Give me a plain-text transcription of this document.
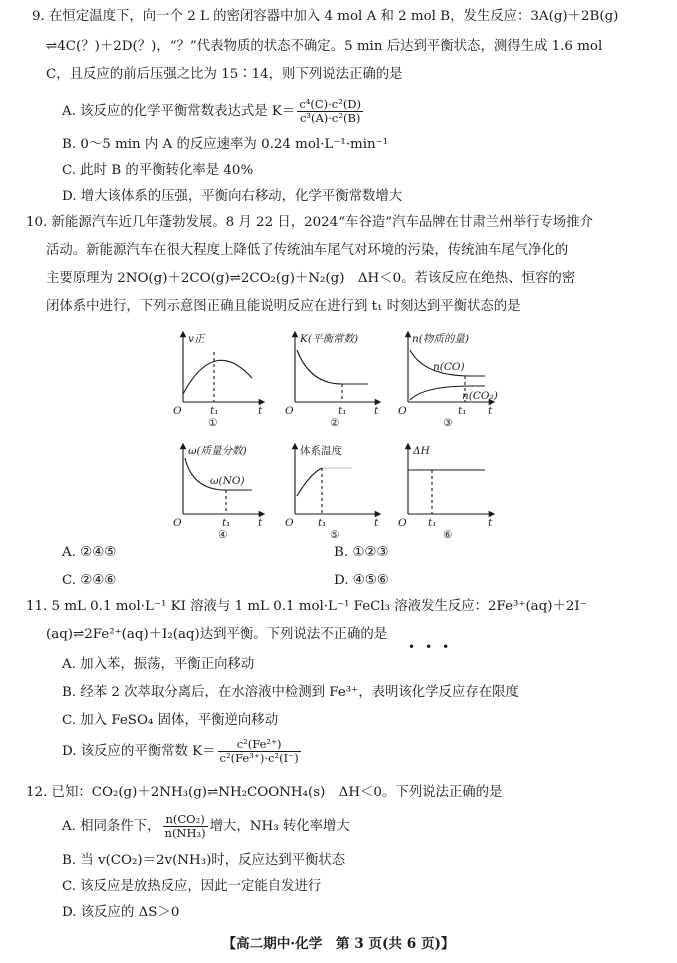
9. 在恒定温度下，向一个 2 L 的密闭容器中加入 4 mol A 和 2 mol B，发生反应：3A(g)＋2B(g)
⇌4C(？)＋2D(？)，“？”代表物质的状态不确定。5 min 后达到平衡状态，测得生成 1.6 mol
C，且反应的前后压强之比为 15∶14，则下列说法正确的是
A. 该反应的化学平衡常数表达式是 $K= \frac{\text{c⁴(C)·c²(D)}}{\text{c³(A)·c²(B)}}$
B. 0～5 min 内 A 的反应速率为 0.24 mol·L⁻¹·min⁻¹
C. 此时 B 的平衡转化率是 40%
D. 增大该体系的压强，平衡向右移动，化学平衡常数增大
10. 新能源汽车近几年蓬勃发展。8 月 22 日，2024“车谷造”汽车品牌在甘肃兰州举行专场推介
活动。新能源汽车在很大程度上降低了传统油车尾气对环境的污染，传统油车尾气净化的
主要原理为 2NO(g)＋2CO(g)⇌2CO₂(g)＋N₂(g)　ΔH＜0。若该反应在绝热、恒容的密
闭体系中进行，下列示意图正确且能说明反应在进行到 t₁ 时刻达到平衡状态的是
v正
O	t₁	t
①
K(平衡常数)
O	t₁	t
②
n(物质的量)
n(CO)
n(CO₂)
O	t₁ t
③
ω(质量分数)
ω(NO)
O	t₁	t
④
体系温度
O t₁	t
⑤
ΔH
O t₁	t
⑥
A. ②④⑤	B. ①②③
C. ②④⑥	D. ④⑤⑥
11. 5 mL 0.1 mol·L⁻¹ KI 溶液与 1 mL 0.1 mol·L⁻¹ FeCl₃ 溶液发生反应：2Fe³⁺(aq)＋2I⁻
(aq)⇌2Fe²⁺(aq)＋I₂(aq)达到平衡。下列说法不正确的是
•••
A. 加入苯，振荡，平衡正向移动
B. 经苯 2 次萃取分离后，在水溶液中检测到 Fe³⁺，表明该化学反应存在限度
C. 加入 FeSO₄ 固体，平衡逆向移动
D. 该反应的平衡常数 $K= \frac{\text{c²(Fe²⁺)}}{\text{c²(Fe³⁺)·c²(I⁻)}}$
12. 已知：CO₂(g)＋2NH₃(g)⇌NH₂COONH₄(s)　ΔH＜0。下列说法正确的是
A. 相同条件下， $\frac{\text{n(CO₂)}}{\text{n(NH₃)}}$ 增大，NH₃ 转化率增大
B. 当 v(CO₂)＝2v(NH₃)时，反应达到平衡状态
C. 该反应是放热反应，因此一定能自发进行
D. 该反应的 ΔS＞0
【高二期中·化学　第 3 页(共 6 页)】
